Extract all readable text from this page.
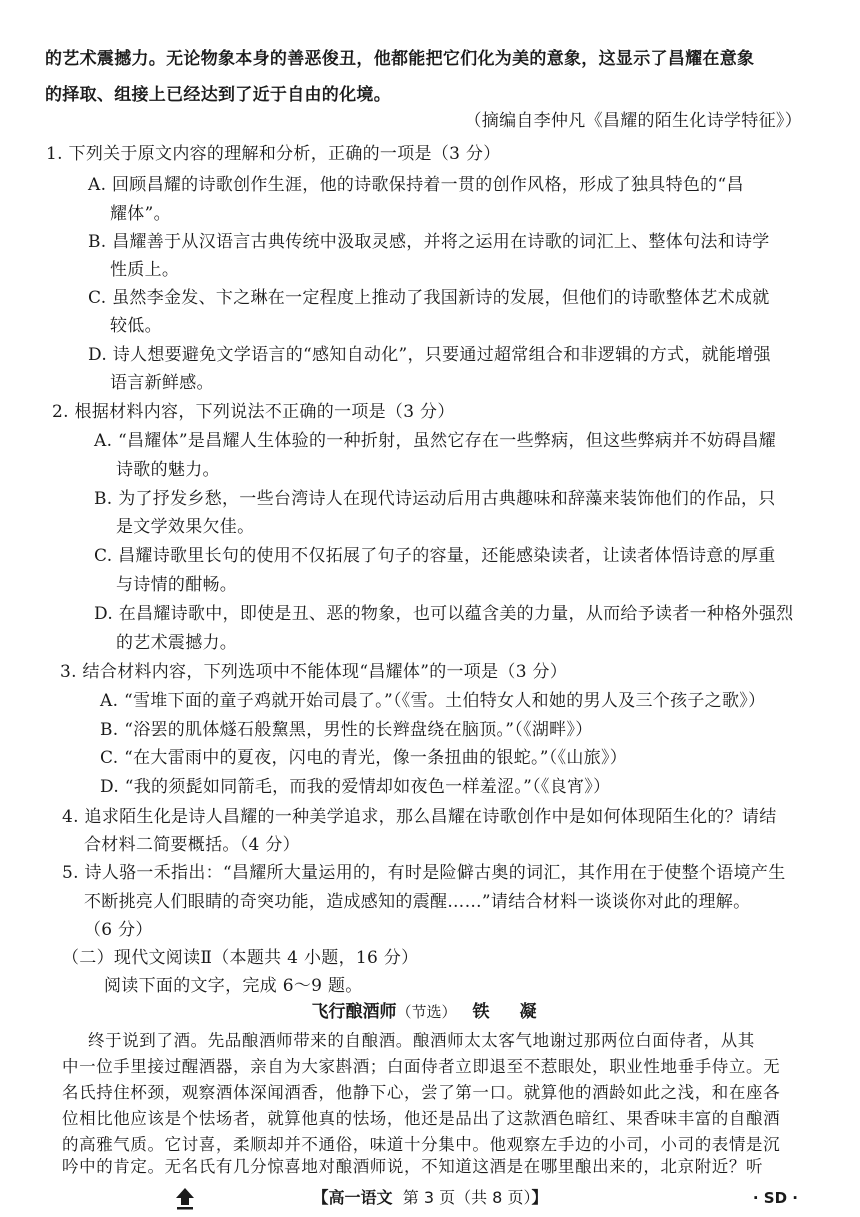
的艺术震撼力。无论物象本身的善恶俊丑，他都能把它们化为美的意象，这显示了昌耀在意象
的择取、组接上已经达到了近于自由的化境。
（摘编自李仲凡《昌耀的陌生化诗学特征》）
1. 下列关于原文内容的理解和分析，正确的一项是（3 分）
A. 回顾昌耀的诗歌创作生涯，他的诗歌保持着一贯的创作风格，形成了独具特色的“昌
耀体”。
B. 昌耀善于从汉语言古典传统中汲取灵感，并将之运用在诗歌的词汇上、整体句法和诗学
性质上。
C. 虽然李金发、卞之琳在一定程度上推动了我国新诗的发展，但他们的诗歌整体艺术成就
较低。
D. 诗人想要避免文学语言的“感知自动化”，只要通过超常组合和非逻辑的方式，就能增强
语言新鲜感。
2. 根据材料内容，下列说法不正确的一项是（3 分）
A. “昌耀体”是昌耀人生体验的一种折射，虽然它存在一些弊病，但这些弊病并不妨碍昌耀
诗歌的魅力。
B. 为了抒发乡愁，一些台湾诗人在现代诗运动后用古典趣味和辞藻来装饰他们的作品，只
是文学效果欠佳。
C. 昌耀诗歌里长句的使用不仅拓展了句子的容量，还能感染读者，让读者体悟诗意的厚重
与诗情的酣畅。
D. 在昌耀诗歌中，即使是丑、恶的物象，也可以蕴含美的力量，从而给予读者一种格外强烈
的艺术震撼力。
3. 结合材料内容，下列选项中不能体现“昌耀体”的一项是（3 分）
A. “雪堆下面的童子鸡就开始司晨了。”（《雪。土伯特女人和她的男人及三个孩子之歌》）
B. “浴罢的肌体燧石般黧黑，男性的长辫盘绕在脑顶。”（《湖畔》）
C. “在大雷雨中的夏夜，闪电的青光，像一条扭曲的银蛇。”（《山旅》）
D. “我的须髭如同箭毛，而我的爱情却如夜色一样羞涩。”（《良宵》）
4. 追求陌生化是诗人昌耀的一种美学追求，那么昌耀在诗歌创作中是如何体现陌生化的？请结
合材料二简要概括。（4 分）
5. 诗人骆一禾指出：“昌耀所大量运用的，有时是险僻古奥的词汇，其作用在于使整个语境产生
不断挑亮人们眼睛的奇突功能，造成感知的震醒……”请结合材料一谈谈你对此的理解。
（6 分）
（二）现代文阅读Ⅱ（本题共 4 小题，16 分）
阅读下面的文字，完成 6～9 题。
飞行酿酒师（节选） 铁 凝
终于说到了酒。先品酿酒师带来的自酿酒。酿酒师太太客气地谢过那两位白面侍者，从其
中一位手里接过醒酒器，亲自为大家斟酒；白面侍者立即退至不惹眼处，职业性地垂手侍立。无
名氏持住杯颈，观察酒体深闻酒香，他静下心，尝了第一口。就算他的酒龄如此之浅，和在座各
位相比他应该是个怯场者，就算他真的怯场，他还是品出了这款酒色暗红、果香味丰富的自酿酒
的高雅气质。它讨喜，柔顺却并不通俗，味道十分集中。他观察左手边的小司，小司的表情是沉
【高一语文 第 3 页（共 8 页）】	· SD ·
吟中的肯定。无名氏有几分惊喜地对酿酒师说，不知道这酒是在哪里酿出来的，北京附近？听
